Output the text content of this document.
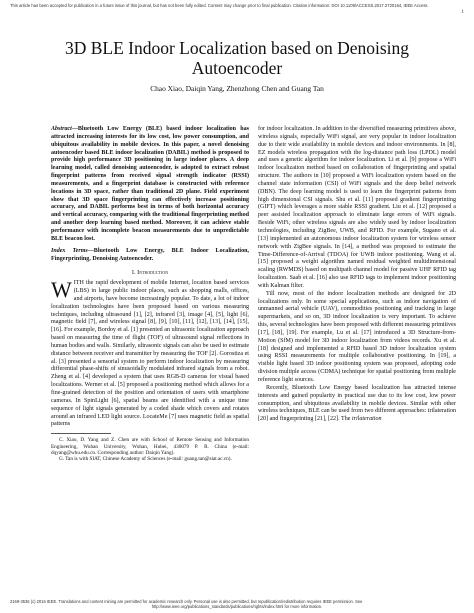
This article has been accepted for publication in a future issue of this journal, but has not been fully edited. Content may change prior to final publication. Citation information: DOI 10.1109/ACCESS.2017.2720164, IEEE Access
1
3D BLE Indoor Localization based on Denoising Autoencoder
Chao Xiao, Daiqin Yang, Zhenzhong Chen and Guang Tan

Abstract—Bluetooth Low Energy (BLE) based indoor localization has attracted increasing interests for its low cost, low power consumption, and ubiquitous availability in mobile devices. In this paper, a novel denoising autoencoder based BLE indoor localization (DABIL) method is proposed to provide high performance 3D positioning in large indoor places. A deep learning model, called denoising autoencoder, is adopted to extract robust fingerprint patterns from received signal strength indicator (RSSI) measurements, and a fingerprint database is constructed with reference locations in 3D space, rather than traditional 2D plane. Field experiment show that 3D space fingerprinting can effectively increase positioning accuracy, and DABIL performs best in terms of both horizontal accuracy and vertical accuracy, comparing with the traditional fingerprinting method and another deep learning based method. Moreover, it can achieve stable performance with incomplete beacon measurements due to unpredictable BLE beacon lost.

Index Terms—Bluetooth Low Energy, BLE Indoor Localization, Fingerprinting, Denoising Autoencoder.

I. Introduction

WITH the rapid development of mobile Internet, location based services (LBS) in large public indoor places, such as shopping malls, offices, and airports, have become increasingly popular. To date, a lot of indoor localization technologies have been proposed based on various measuring techniques, including ultrasound [1], [2], infrared [3], image [4], [5], light [6], magnetic field [7], and wireless signal [8], [9], [10], [11], [12], [13], [14], [15], [16]. For example, Bordoy et al. [1] presented an ultrasonic localization approach based on measuring the time of flight (TOF) of ultrasound signal reflections in human bodies and walls. Similarly, ultrasonic signals can also be used to estimate distance between receiver and transmitter by measuring the TOF [2]. Gorostiza et al. [3] presented a sensorial system to perform indoor localization by measuring differential phase-shifts of sinusoidally modulated infrared signals from a robot. Zheng et al. [4] developed a system that uses RGB-D cameras for visual based localizations. Werner et al. [5] proposed a positioning method which allows for a fine-grained detection of the position and orientation of users with smartphone cameras. In SpinLight [6], spatial beams are identified with a unique time sequence of light signals generated by a coded shade which covers and rotates around an infrared LED light source. LocateMe [7] uses magnetic field as spatial patterns

C. Xiao, D. Yang and Z. Chen are with School of Remote Sensing and Information Engineering, Wuhan University, Wuhan, Hubei, 430079 P. R. China (e-mail: dqyang@whu.edu.cn. Corresponding author: Daiqin Yang).

G. Tan is with SIAT, Chinese Academy of Sciences (e-mail: guang.tan@siat.ac.cn).

for indoor localization. In addition to the diversified measuring primitives above, wireless signals, especially WiFi signal, are very popular in indoor localization due to their wide availability in mobile devices and indoor environments. In [8], EZ models wireless propagation with the log-distance path loss (LPDL) model and uses a genetic algorithm for indoor localization. Li et al. [9] propose a WiFi indoor localization method based on collaboration of fingerprinting and spatial structure. The authors in [10] proposed a WiFi localization system based on the channel state information (CSI) of WiFi signals and the deep belief network (DBN). The deep learning model is used to learn the fingerprint patterns from high dimensional CSI signals. Shu et al. [11] proposed gradient fingerprinting (GIFT) which leverages a more stable RSSI gradient. Liu et al. [12] proposed a peer assisted localization approach to eliminate large errors of WiFi signals. Beside WiFi, other wireless signals are also widely used by indoor localization technologies, including ZigBee, UWB, and RFID. For example, Sugano et al. [13] implemented an autonomous indoor localization system for wireless sensor network with ZigBee signals. In [14], a method was proposed to estimate the Time-Difference-of-Arrival (TDOA) for UWB indoor positioning. Wang et al. [15] proposed a weight algorithm named residual weighted multidimensional scaling (RWMDS) based on multipath channel model for passive UHF RFID tag localization. Saab et al. [16] also use RFID tags to implement indoor positioning with Kalman filter.

Till now, most of the indoor localization methods are designed for 2D localizations only. In some special applications, such as indoor navigation of unmanned aerial vehicle (UAV), commodities positioning and tracking in large supermarkets, and so on, 3D indoor localization is very important. To achieve this, several technologies have been proposed with different measuring primitives [17], [18], [19]. For example, Lu et al. [17] introduced a 3D Structure-from-Motion (SfM) model for 3D indoor localization from videos records. Xu et al. [18] designed and implemented a RFID based 3D indoor localization system using RSSI measurements for multiple collaborative positioning. In [19], a visible light based 3D indoor positioning system was proposed, adopting code division multiple access (CDMA) technique for spatial positioning from multiple reference light sources.

Recently, Bluetooth Low Energy based localization has attracted intense interests and gained popularity in practical use due to its low cost, low power consumption, and ubiquitous availability in mobile devices. Similar with other wireless techniques, BLE can be used from two different approaches: trilateration [20] and fingerprinting [21], [22]. The trilateration

2169-3536 (c) 2016 IEEE. Translations and content mining are permitted for academic research only. Personal use is also permitted, but republication/redistribution requires IEEE permission. See
http://www.ieee.org/publications_standards/publications/rights/index.html for more information.
